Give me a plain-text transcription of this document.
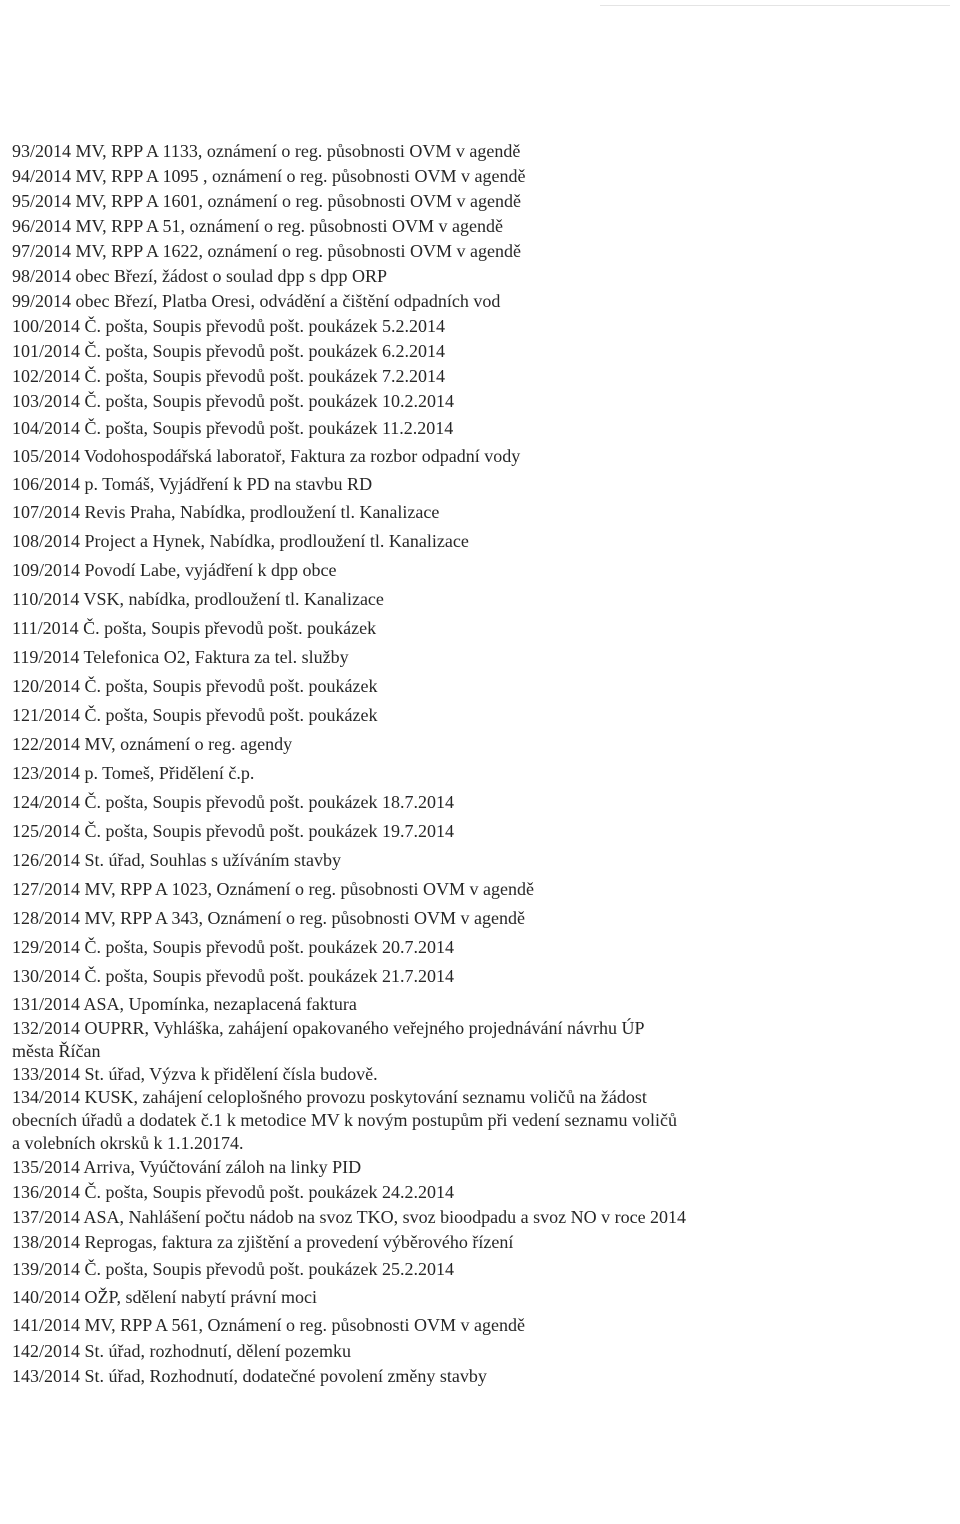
93/2014 MV, RPP A 1133, oznámení o reg. působnosti OVM v agendě
94/2014 MV, RPP A 1095 , oznámení o reg. působnosti OVM v agendě
95/2014 MV, RPP A 1601, oznámení o reg. působnosti OVM v agendě
96/2014 MV, RPP A 51, oznámení o reg. působnosti OVM v agendě
97/2014 MV, RPP A 1622, oznámení o reg. působnosti OVM v agendě
98/2014 obec Březí, žádost o soulad dpp s dpp ORP
99/2014 obec Březí, Platba Oresi, odvádění a čištění odpadních vod
100/2014 Č. pošta, Soupis převodů pošt. poukázek 5.2.2014
101/2014 Č. pošta, Soupis převodů pošt. poukázek 6.2.2014
102/2014 Č. pošta, Soupis převodů pošt. poukázek 7.2.2014
103/2014 Č. pošta, Soupis převodů pošt. poukázek 10.2.2014
104/2014 Č. pošta, Soupis převodů pošt. poukázek 11.2.2014
105/2014 Vodohospodářská laboratoř, Faktura za rozbor odpadní vody
106/2014 p. Tomáš, Vyjádření k PD na stavbu RD
107/2014 Revis Praha, Nabídka, prodloužení tl. Kanalizace
108/2014 Project a Hynek, Nabídka, prodloužení tl. Kanalizace
109/2014 Povodí Labe, vyjádření k dpp obce
110/2014 VSK, nabídka, prodloužení tl. Kanalizace
111/2014 Č. pošta, Soupis převodů pošt. poukázek
119/2014 Telefonica O2, Faktura za tel. služby
120/2014 Č. pošta, Soupis převodů pošt. poukázek
121/2014 Č. pošta, Soupis převodů pošt. poukázek
122/2014 MV, oznámení o reg. agendy
123/2014 p. Tomeš, Přidělení č.p.
124/2014 Č. pošta, Soupis převodů pošt. poukázek 18.7.2014
125/2014 Č. pošta, Soupis převodů pošt. poukázek 19.7.2014
126/2014 St. úřad, Souhlas s užíváním stavby
127/2014 MV, RPP A 1023, Oznámení o reg. působnosti OVM v agendě
128/2014 MV, RPP A 343, Oznámení o reg. působnosti OVM v agendě
129/2014 Č. pošta, Soupis převodů pošt. poukázek 20.7.2014
130/2014 Č. pošta, Soupis převodů pošt. poukázek 21.7.2014
131/2014 ASA, Upomínka, nezaplacená faktura
132/2014 OUPRR, Vyhláška, zahájení opakovaného veřejného projednávání návrhu ÚP
města Říčan
133/2014 St. úřad, Výzva k přidělení čísla budově.
134/2014 KUSK, zahájení celoplošného provozu poskytování seznamu voličů na žádost
obecních úřadů a dodatek č.1 k metodice MV k novým postupům při vedení seznamu voličů
a volebních okrsků k 1.1.20174.
135/2014 Arriva, Vyúčtování záloh na linky PID
136/2014 Č. pošta, Soupis převodů pošt. poukázek 24.2.2014
137/2014 ASA, Nahlášení počtu nádob na svoz TKO, svoz bioodpadu a svoz NO v roce 2014
138/2014 Reprogas, faktura za zjištění a provedení výběrového řízení
139/2014 Č. pošta, Soupis převodů pošt. poukázek 25.2.2014
140/2014 OŽP, sdělení nabytí právní moci
141/2014 MV, RPP A 561, Oznámení o reg. působnosti OVM v agendě
142/2014 St. úřad, rozhodnutí, dělení pozemku
143/2014 St. úřad, Rozhodnutí, dodatečné povolení změny stavby
